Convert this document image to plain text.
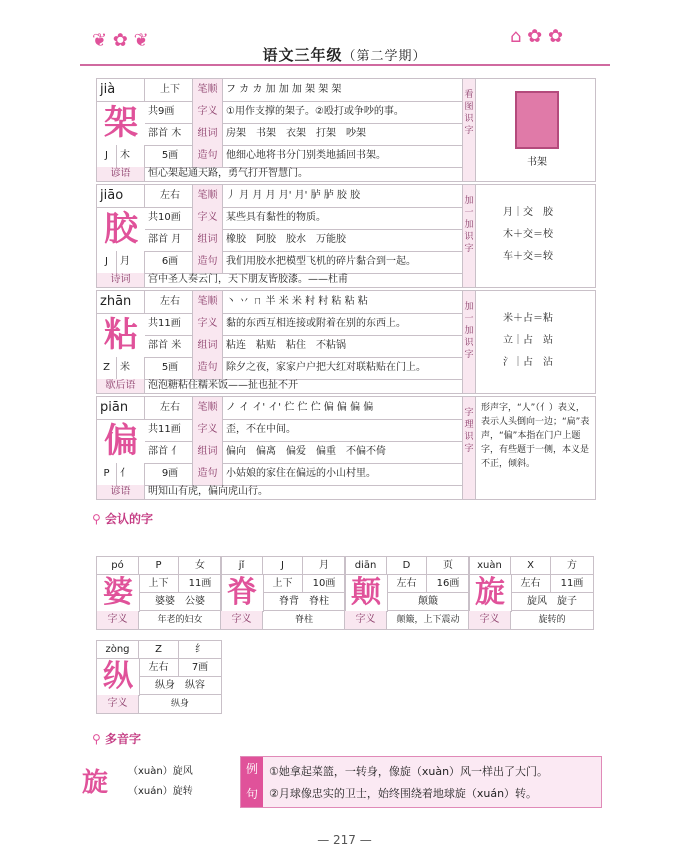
❦ ✿ ❦	⌂ ✿ ✿
语文三年级（第二学期）
jià	上下	笔顺 フ カ カ 加 加 加 架 架 架
架	共9画	字义 ①用作支撑的架子。②殴打或争吵的事。
部首 木	组词 房架　书架　衣架　打架　吵架
J	木	5画	造句 他细心地将书分门别类地插回书架。
谚语	恒心架起通天路，勇气打开智慧门。
看图识字
书架
jiāo	左右	笔顺 丿 月 月 月 月' 月' 胪 胪 胶 胶
胶	共10画	字义 某些具有黏性的物质。
部首 月	组词 橡胶　阿胶　胶水　万能胶
J	月	6画	造句 我们用胶水把模型飞机的碎片黏合到一起。
诗词	宫中圣人奏云门，天下朋友皆胶漆。——杜甫
加一加识字
月｜交　胶
木＋交＝校
车＋交＝较
zhān	左右	笔顺 丶 丷 ㄇ 半 米 米 籿 籿 粘 粘 粘
粘	共11画	字义 黏的东西互相连接或附着在别的东西上。
部首 米	组词 粘连　粘贴　粘住　不粘锅
Z	米	5画	造句 除夕之夜，家家户户把大红对联粘贴在门上。
歇后语	泡泡糖粘住糯米饭——扯也扯不开
加一加识字
米＋占＝粘
立｜占　站
氵｜占　沾
piān	左右	笔顺 ノ イ イ' イ' 伫 伫 伫 偏 偏 偏 偏
偏	共11画	字义 歪，不在中间。
部首 亻	组词 偏向　偏离　偏爱　偏重　不偏不倚
P	亻	9画	造句 小姑娘的家住在偏远的小山村里。
谚语	明知山有虎，偏向虎山行。
字理识字
形声字，“人”（亻）表义，表示人头倒向一边；“扁”表声，“偏”本指在门户上题字，有些题于一侧，本义是不正，倾斜。
⚲ 会认的字
pó	P	女
婆	上下	11画
婆婆　公婆
字义	年老的妇女
jǐ	J	月
脊	上下	10画
脊背　脊柱
字义	脊柱
diān	D	页
颠	左右	16画
颠簸
字义	颠簸，上下震动
xuàn	X	方
旋	左右	11画
旋风　旋子
字义	旋转的
zòng	Z	纟
纵	左右	7画
纵身　纵容
字义	纵身
⚲ 多音字
旋 （xuàn）旋风
（xuán）旋转
例句
①她拿起菜篮，一转身，像旋（xuàn）风一样出了大门。
②月球像忠实的卫士，始终围绕着地球旋（xuán）转。
— 217 —
